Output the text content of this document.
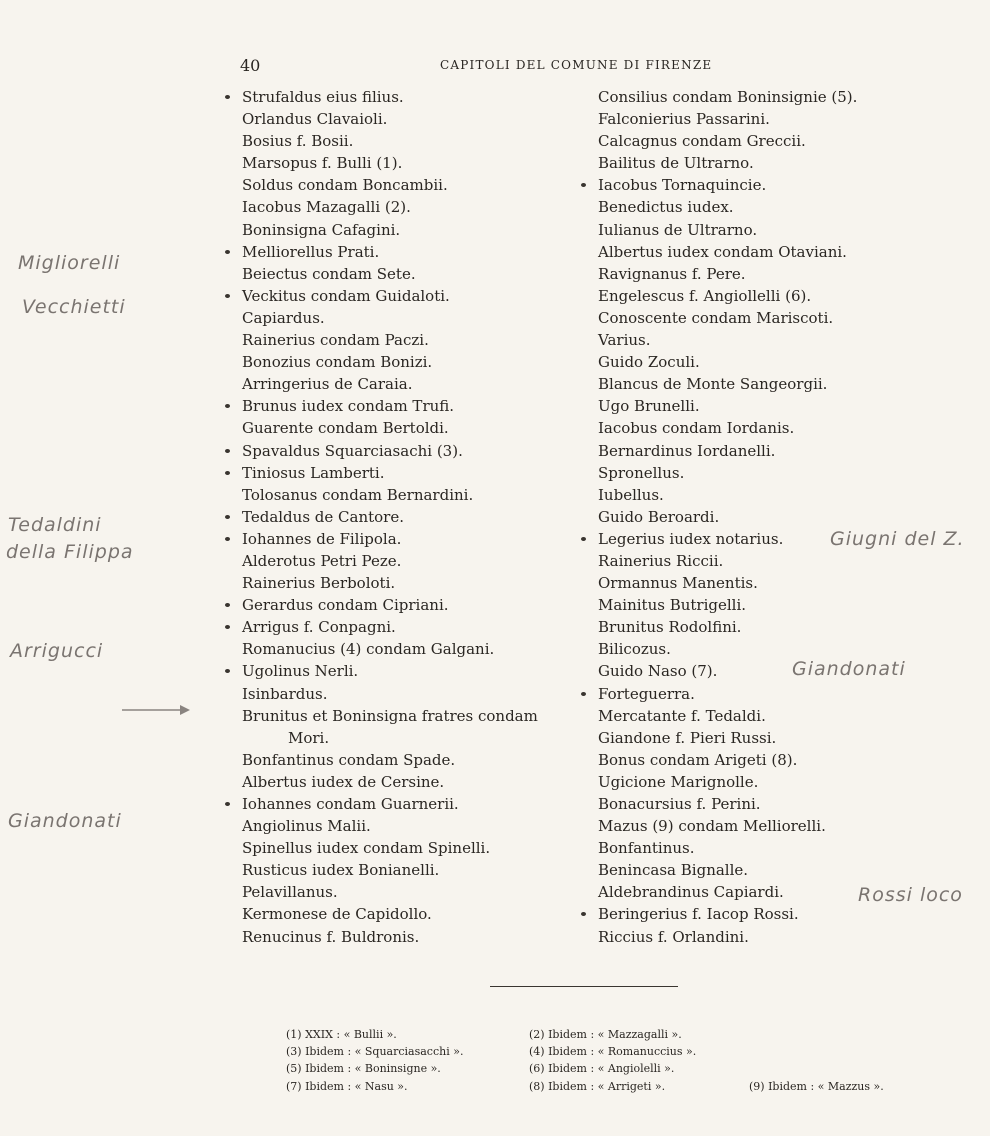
40	CAPITOLI DEL COMUNE DI FIRENZE
Strufaldus eius filius.
Orlandus Clavaioli.
Bosius f. Bosii.
Marsopus f. Bulli (1).
Soldus condam Boncambii.
Iacobus Mazagalli (2).
Boninsigna Cafagini.
Melliorellus Prati.
Beiectus condam Sete.
Veckitus condam Guidaloti.
Capiardus.
Rainerius condam Paczi.
Bonozius condam Bonizi.
Arringerius de Caraia.
Brunus iudex condam Trufi.
Guarente condam Bertoldi.
Spavaldus Squarciasachi (3).
Tiniosus Lamberti.
Tolosanus condam Bernardini.
Tedaldus de Cantore.
Iohannes de Filipola.
Alderotus Petri Peze.
Rainerius Berboloti.
Gerardus condam Cipriani.
Arrigus f. Conpagni.
Romanucius (4) condam Galgani.
Ugolinus Nerli.
Isinbardus.
Brunitus et Boninsigna fratres condam
Mori.
Bonfantinus condam Spade.
Albertus iudex de Cersine.
Iohannes condam Guarnerii.
Angiolinus Malii.
Spinellus iudex condam Spinelli.
Rusticus iudex Bonianelli.
Pelavillanus.
Kermonese de Capidollo.
Renucinus f. Buldronis.
Consilius condam Boninsignie (5).
Falconierius Passarini.
Calcagnus condam Greccii.
Bailitus de Ultrarno.
Iacobus Tornaquincie.
Benedictus iudex.
Iulianus de Ultrarno.
Albertus iudex condam Otaviani.
Ravignanus f. Pere.
Engelescus f. Angiollelli (6).
Conoscente condam Mariscoti.
Varius.
Guido Zoculi.
Blancus de Monte Sangeorgii.
Ugo Brunelli.
Iacobus condam Iordanis.
Bernardinus Iordanelli.
Spronellus.
Iubellus.
Guido Beroardi.
Legerius iudex notarius.
Rainerius Riccii.
Ormannus Manentis.
Mainitus Butrigelli.
Brunitus Rodolfini.
Bilicozus.
Guido Naso (7).
Forteguerra.
Mercatante f. Tedaldi.
Giandone f. Pieri Russi.
Bonus condam Arigeti (8).
Ugicione Marignolle.
Bonacursius f. Perini.
Mazus (9) condam Melliorelli.
Bonfantinus.
Benincasa Bignalle.
Aldebrandinus Capiardi.
Beringerius f. Iacop Rossi.
Riccius f. Orlandini.
(1) XXIX : « Bullii ».	(2) Ibidem : « Mazzagalli ».
(3) Ibidem : « Squarciasacchi ».	(4) Ibidem : « Romanuccius ».
(5) Ibidem : « Boninsigne ».	(6) Ibidem : « Angiolelli ».
(7) Ibidem : « Nasu ».	(8) Ibidem : « Arrigeti ».	(9) Ibidem : « Mazzus ».
Migliorelli
Vecchietti
Tedaldini
della Filippa
Arrigucci
Giandonati
Giugni del Z.
Giandonati
Rossi loco
